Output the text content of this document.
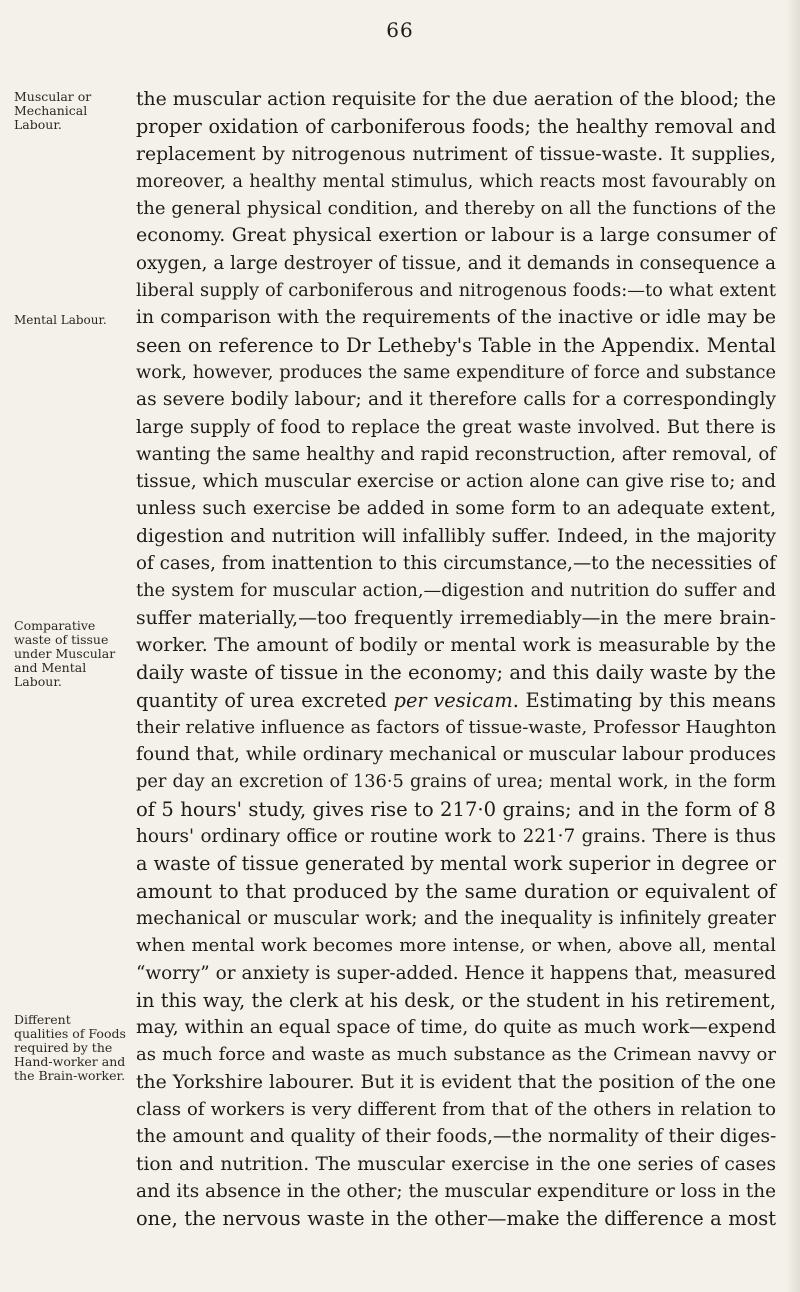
66
Muscular or Mechanical Labour.
Mental Labour.
Comparative waste of tissue under Muscular and Mental Labour.
Different qualities of Foods required by the Hand-worker and the Brain-worker.
the muscular action requisite for the due aeration of the blood; the
proper oxidation of carboniferous foods; the healthy removal and
replacement by nitrogenous nutriment of tissue-waste. It supplies,
moreover, a healthy mental stimulus, which reacts most favourably on
the general physical condition, and thereby on all the functions of the
economy. Great physical exertion or labour is a large consumer of
oxygen, a large destroyer of tissue, and it demands in consequence a
liberal supply of carboniferous and nitrogenous foods:—to what extent
in comparison with the requirements of the inactive or idle may be
seen on reference to Dr Letheby's Table in the Appendix. Mental
work, however, produces the same expenditure of force and substance
as severe bodily labour; and it therefore calls for a correspondingly
large supply of food to replace the great waste involved. But there is
wanting the same healthy and rapid reconstruction, after removal, of
tissue, which muscular exercise or action alone can give rise to; and
unless such exercise be added in some form to an adequate extent,
digestion and nutrition will infallibly suffer. Indeed, in the majority
of cases, from inattention to this circumstance,—to the necessities of
the system for muscular action,—digestion and nutrition do suffer and
suffer materially,—too frequently irremediably—in the mere brain-
worker. The amount of bodily or mental work is measurable by the
daily waste of tissue in the economy; and this daily waste by the
quantity of urea excreted per vesicam. Estimating by this means
their relative influence as factors of tissue-waste, Professor Haughton
found that, while ordinary mechanical or muscular labour produces
per day an excretion of 136·5 grains of urea; mental work, in the form
of 5 hours' study, gives rise to 217·0 grains; and in the form of 8
hours' ordinary office or routine work to 221·7 grains. There is thus
a waste of tissue generated by mental work superior in degree or
amount to that produced by the same duration or equivalent of
mechanical or muscular work; and the inequality is infinitely greater
when mental work becomes more intense, or when, above all, mental
“worry” or anxiety is super-added. Hence it happens that, measured
in this way, the clerk at his desk, or the student in his retirement,
may, within an equal space of time, do quite as much work—expend
as much force and waste as much substance as the Crimean navvy or
the Yorkshire labourer. But it is evident that the position of the one
class of workers is very different from that of the others in relation to
the amount and quality of their foods,—the normality of their diges-
tion and nutrition. The muscular exercise in the one series of cases
and its absence in the other; the muscular expenditure or loss in the
one, the nervous waste in the other—make the difference a most
